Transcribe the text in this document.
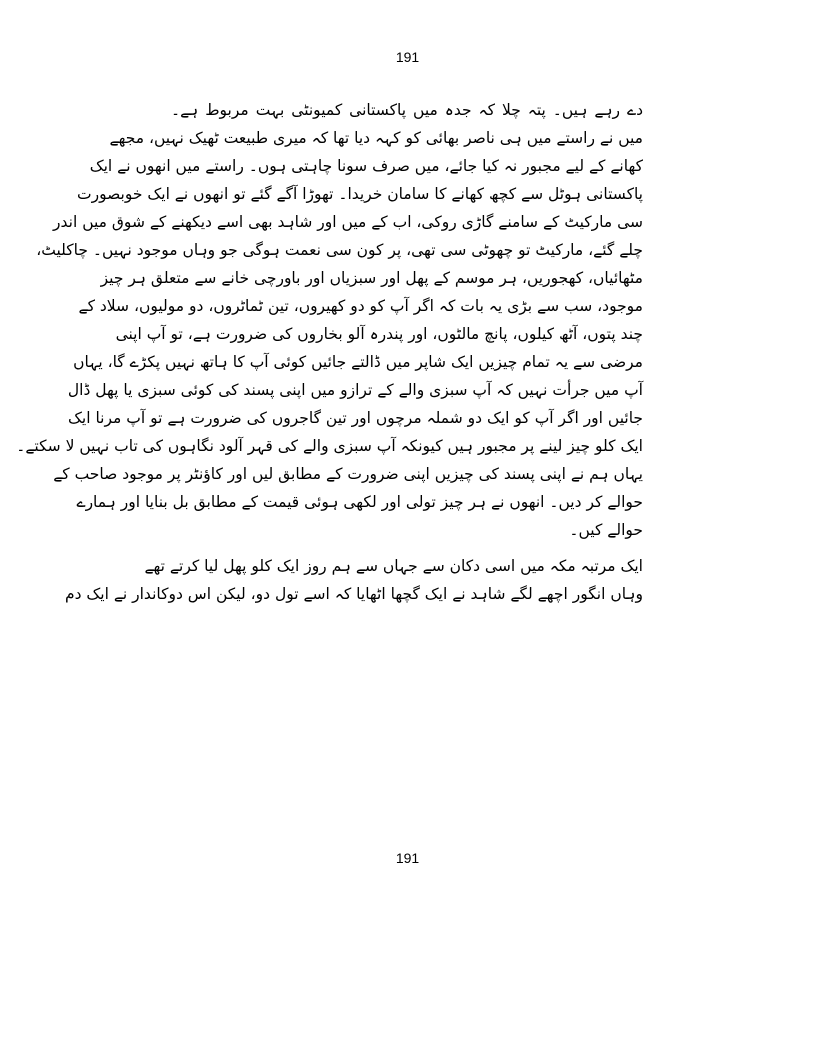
191
دے رہے ہیں۔ پتہ چلا کہ جدہ میں پاکستانی کمیونٹی بہت مربوط ہے۔
میں نے راستے میں ہی ناصر بھائی کو کہہ دیا تھا کہ میری طبیعت ٹھیک نہیں، مجھے
کھانے کے لیے مجبور نہ کیا جائے، میں صرف سونا چاہتی ہوں۔ راستے میں انھوں نے ایک
پاکستانی ہوٹل سے کچھ کھانے کا سامان خریدا۔ تھوڑا آگے گئے تو انھوں نے ایک خوبصورت
سی مارکیٹ کے سامنے گاڑی روکی، اب کے میں اور شاہد بھی اسے دیکھنے کے شوق میں اندر
چلے گئے، مارکیٹ تو چھوٹی سی تھی، پر کون سی نعمت ہوگی جو وہاں موجود نہیں۔ چاکلیٹ،
مٹھائیاں، کھجوریں، ہر موسم کے پھل اور سبزیاں اور باورچی خانے سے متعلق ہر چیز
موجود، سب سے بڑی یہ بات کہ اگر آپ کو دو کھیروں، تین ٹماٹروں، دو مولیوں، سلاد کے
چند پتوں، آٹھ کیلوں، پانچ مالٹوں، اور پندرہ آلو بخاروں کی ضرورت ہے، تو آپ اپنی
مرضی سے یہ تمام چیزیں ایک شاپر میں ڈالتے جائیں کوئی آپ کا ہاتھ نہیں پکڑے گا، یہاں
آپ میں جرأت نہیں کہ آپ سبزی والے کے ترازو میں اپنی پسند کی کوئی سبزی یا پھل ڈال
جائیں اور اگر آپ کو ایک دو شملہ مرچوں اور تین گاجروں کی ضرورت ہے تو آپ مرنا ایک
ایک کلو چیز لینے پر مجبور ہیں کیونکہ آپ سبزی والے کی قہر آلود نگاہوں کی تاب نہیں لا سکتے۔
یہاں ہم نے اپنی پسند کی چیزیں اپنی ضرورت کے مطابق لیں اور کاؤنٹر پر موجود صاحب کے
حوالے کر دیں۔ انھوں نے ہر چیز تولی اور لکھی ہوئی قیمت کے مطابق بل بنایا اور ہمارے
حوالے کیں۔
ایک مرتبہ مکہ میں اسی دکان سے جہاں سے ہم روز ایک کلو پھل لیا کرتے تھے
وہاں انگور اچھے لگے شاہد نے ایک گچھا اٹھایا کہ اسے تول دو، لیکن اس دوکاندار نے ایک دم
191
